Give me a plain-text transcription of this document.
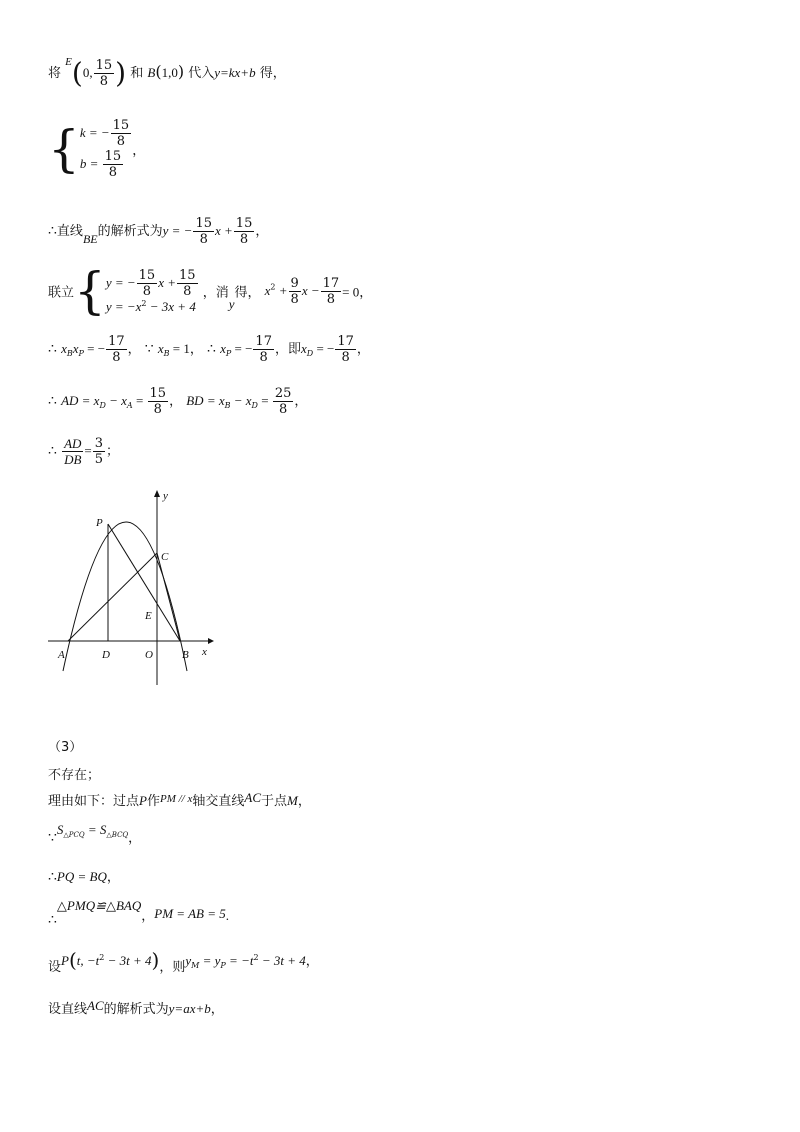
将 $^E$(0, $\frac{15}{8}$ ) 和 B(1,0) 代入y=kx+b 得，
{ k = − $\frac{15}{8}$
$b = \frac{15}{8}$ ，
∴直线BE的解析式为y = − $\frac{15}{8}$ $x + \frac{15}{8}$ ，
联立{ y = − $\frac{15}{8}$ $x + \frac{15}{8}$
$y = -x^2 - 3x + 4$
，消y得， $x^2 + \frac{9}{8}$ $x - \frac{17}{8} = 0$，
∴ $x_Bx_P$ = − $\frac{17}{8}$ ， ∵ $x_B = 1$， ∴ $x_P$ = − $\frac{17}{8}$ ，即$x_D$ = − $\frac{17}{8}$ ，
∴ AD = $x_D - x_A = \frac{15}{8}$ ， BD = $x_B - x_D = \frac{25}{8}$ ，
∴ $\frac{AD}{DB} = \frac{3}{5}$ ；
y
x
P
C
E
A	D	O	B
（3）
不存在；
理由如下：过点P作$^{PM // x}$轴交直线AC于点M，
$\because S_{\triangle PCQ} = S_{\triangle BCQ}$，
∴PQ = BQ，
∴△PMQ≌△BAQ，PM = AB = 5.
设P(t, $-t^2 - 3t + 4$)，则$y_M = y_P = -t^2 - 3t + 4$，
设直线AC的解析式为y=ax+b，
